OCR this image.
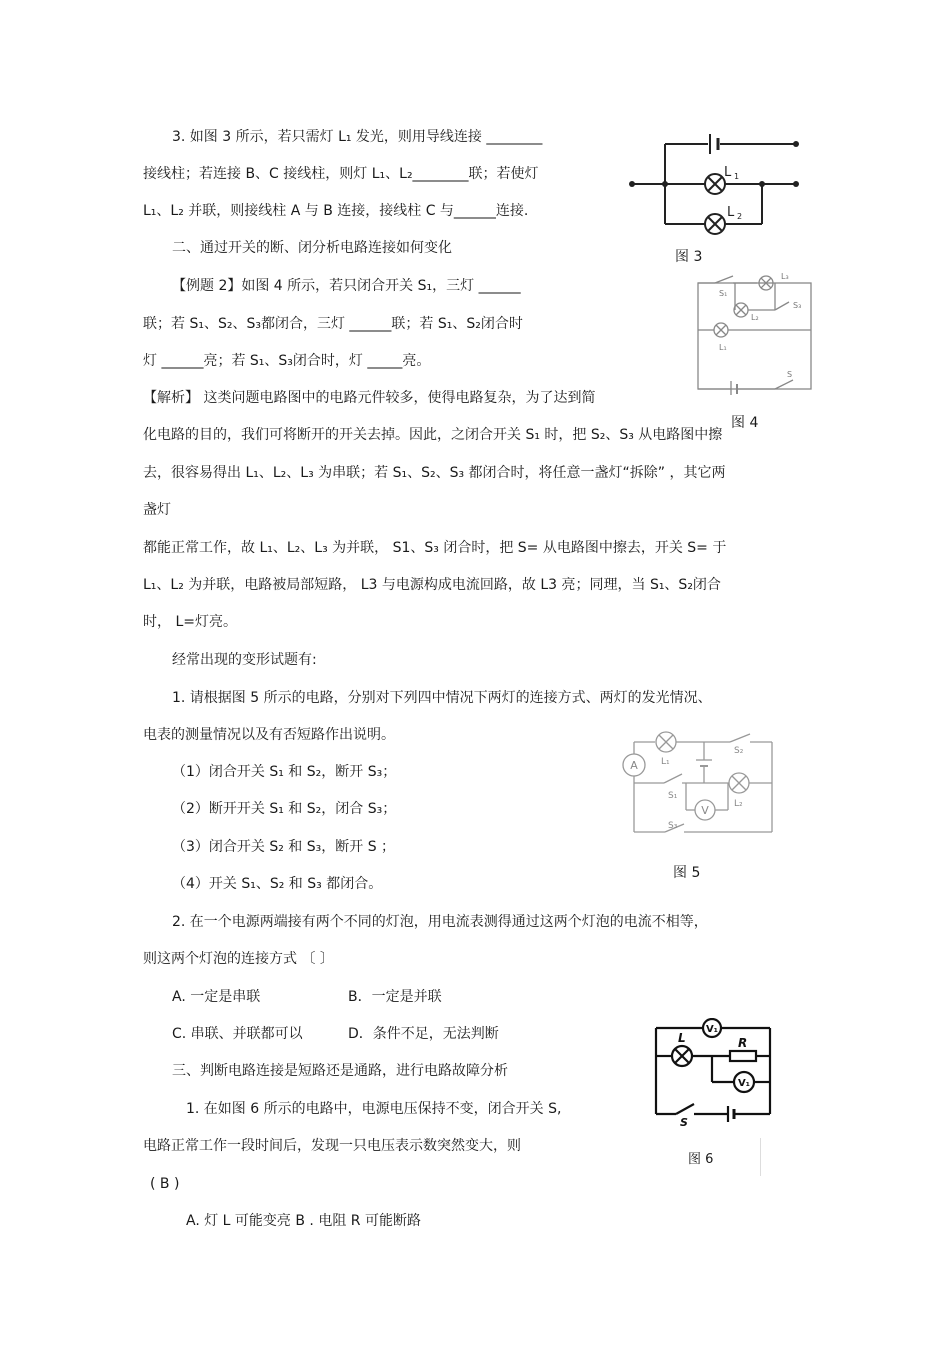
3. 如图 3 所示，若只需灯 L₁ 发光，则用导线连接 ________
接线柱；若连接 B、C 接线柱，则灯 L₁、L₂________联；若使灯
L₁、L₂ 并联，则接线柱 A 与 B 连接，接线柱 C 与______连接.
二、通过开关的断、闭分析电路连接如何变化
【例题 2】如图 4 所示，若只闭合开关 S₁，三灯 ______
联；若 S₁、S₂、S₃都闭合，三灯 ______联；若 S₁、S₂闭合时
灯 ______亮；若 S₁、S₃闭合时，灯 _____亮。
【解析】 这类问题电路图中的电路元件较多，使得电路复杂，为了达到简
化电路的目的，我们可将断开的开关去掉。因此，之闭合开关 S₁ 时，把 S₂、S₃ 从电路图中擦
去，很容易得出 L₁、L₂、L₃ 为串联；若 S₁、S₂、S₃ 都闭合时，将任意一盏灯“拆除” ，其它两
盏灯
都能正常工作，故 L₁、L₂、L₃ 为并联， S1、S₃ 闭合时，把 S= 从电路图中擦去，开关 S= 于
L₁、L₂ 为并联，电路被局部短路， L3 与电源构成电流回路，故 L3 亮；同理，当 S₁、S₂闭合
时， L=灯亮。
经常出现的变形试题有:
1. 请根据图 5 所示的电路，分别对下列四中情况下两灯的连接方式、两灯的发光情况、
电表的测量情况以及有否短路作出说明。
（1）闭合开关 S₁ 和 S₂，断开 S₃；
（2）断开开关 S₁ 和 S₂，闭合 S₃；
（3）闭合开关 S₂ 和 S₃，断开 S ；
（4）开关 S₁、S₂ 和 S₃ 都闭合。
2. 在一个电源两端接有两个不同的灯泡，用电流表测得通过这两个灯泡的电流不相等，
则这两个灯泡的连接方式 〔 〕
A. 一定是串联	B．一定是并联
C. 串联、并联都可以	D．条件不足，无法判断
三、判断电路连接是短路还是通路，进行电路故障分析
1. 在如图 6 所示的电路中，电源电压保持不变，闭合开关 S,
电路正常工作一段时间后，发现一只电压表示数突然变大，则
( B )
A. 灯 L 可能变亮 B . 电阻 R 可能断路
L 1
L 2
图 3
S₁
L₃
L₂
S₃
L₁
S
图 4
A
V
L₁
L₂
S₂
S₁
S₃
图 5
V₁
V₁
L	R
S
图 6
